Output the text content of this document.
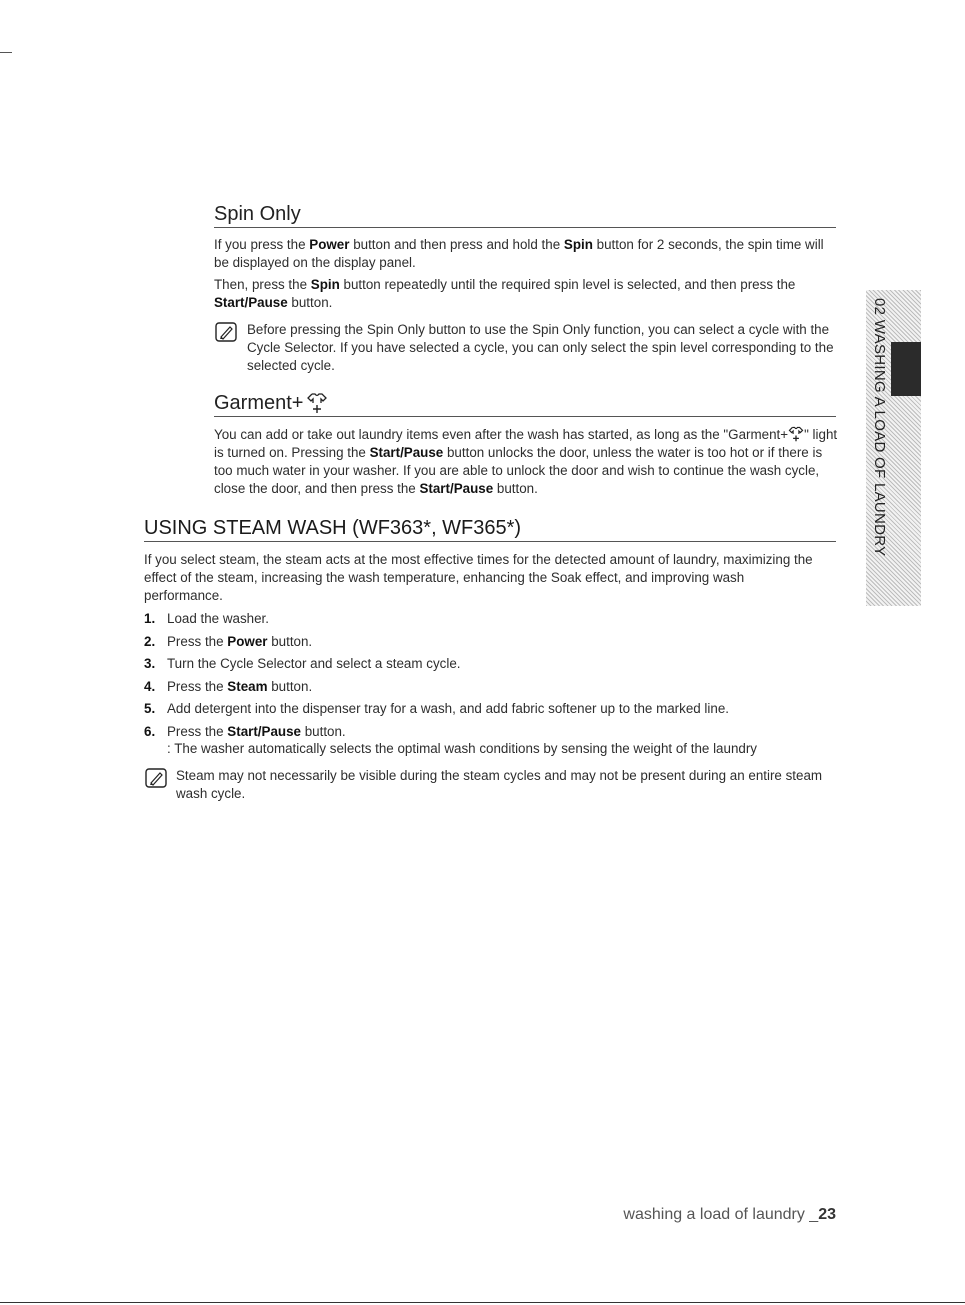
Spin Only

If you press the Power button and then press and hold the Spin button for 2 seconds, the spin time will be displayed on the display panel.

Then, press the Spin button repeatedly until the required spin level is selected, and then press the Start/Pause button.

Before pressing the Spin Only button to use the Spin Only function, you can select a cycle with the Cycle Selector. If you have selected a cycle, you can only select the spin level corresponding to the selected cycle.

Garment+

You can add or take out laundry items even after the wash has started, as long as the "Garment+ " light is turned on. Pressing the Start/Pause button unlocks the door, unless the water is too hot or if there is too much water in your washer. If you are able to unlock the door and wish to continue the wash cycle, close the door, and then press the Start/Pause button.

USING STEAM WASH (WF363*, WF365*)

If you select steam, the steam acts at the most effective times for the detected amount of laundry, maximizing the effect of the steam, increasing the wash temperature, enhancing the Soak effect, and improving wash performance.

1. Load the washer.
2. Press the Power button.
3. Turn the Cycle Selector and select a steam cycle.
4. Press the Steam button.
5. Add detergent into the dispenser tray for a wash, and add fabric softener up to the marked line.
6. Press the Start/Pause button.

: The washer automatically selects the optimal wash conditions by sensing the weight of the laundry

Steam may not necessarily be visible during the steam cycles and may not be present during an entire steam wash cycle.

02 WASHING A LOAD OF LAUNDRY
washing a load of laundry _23
